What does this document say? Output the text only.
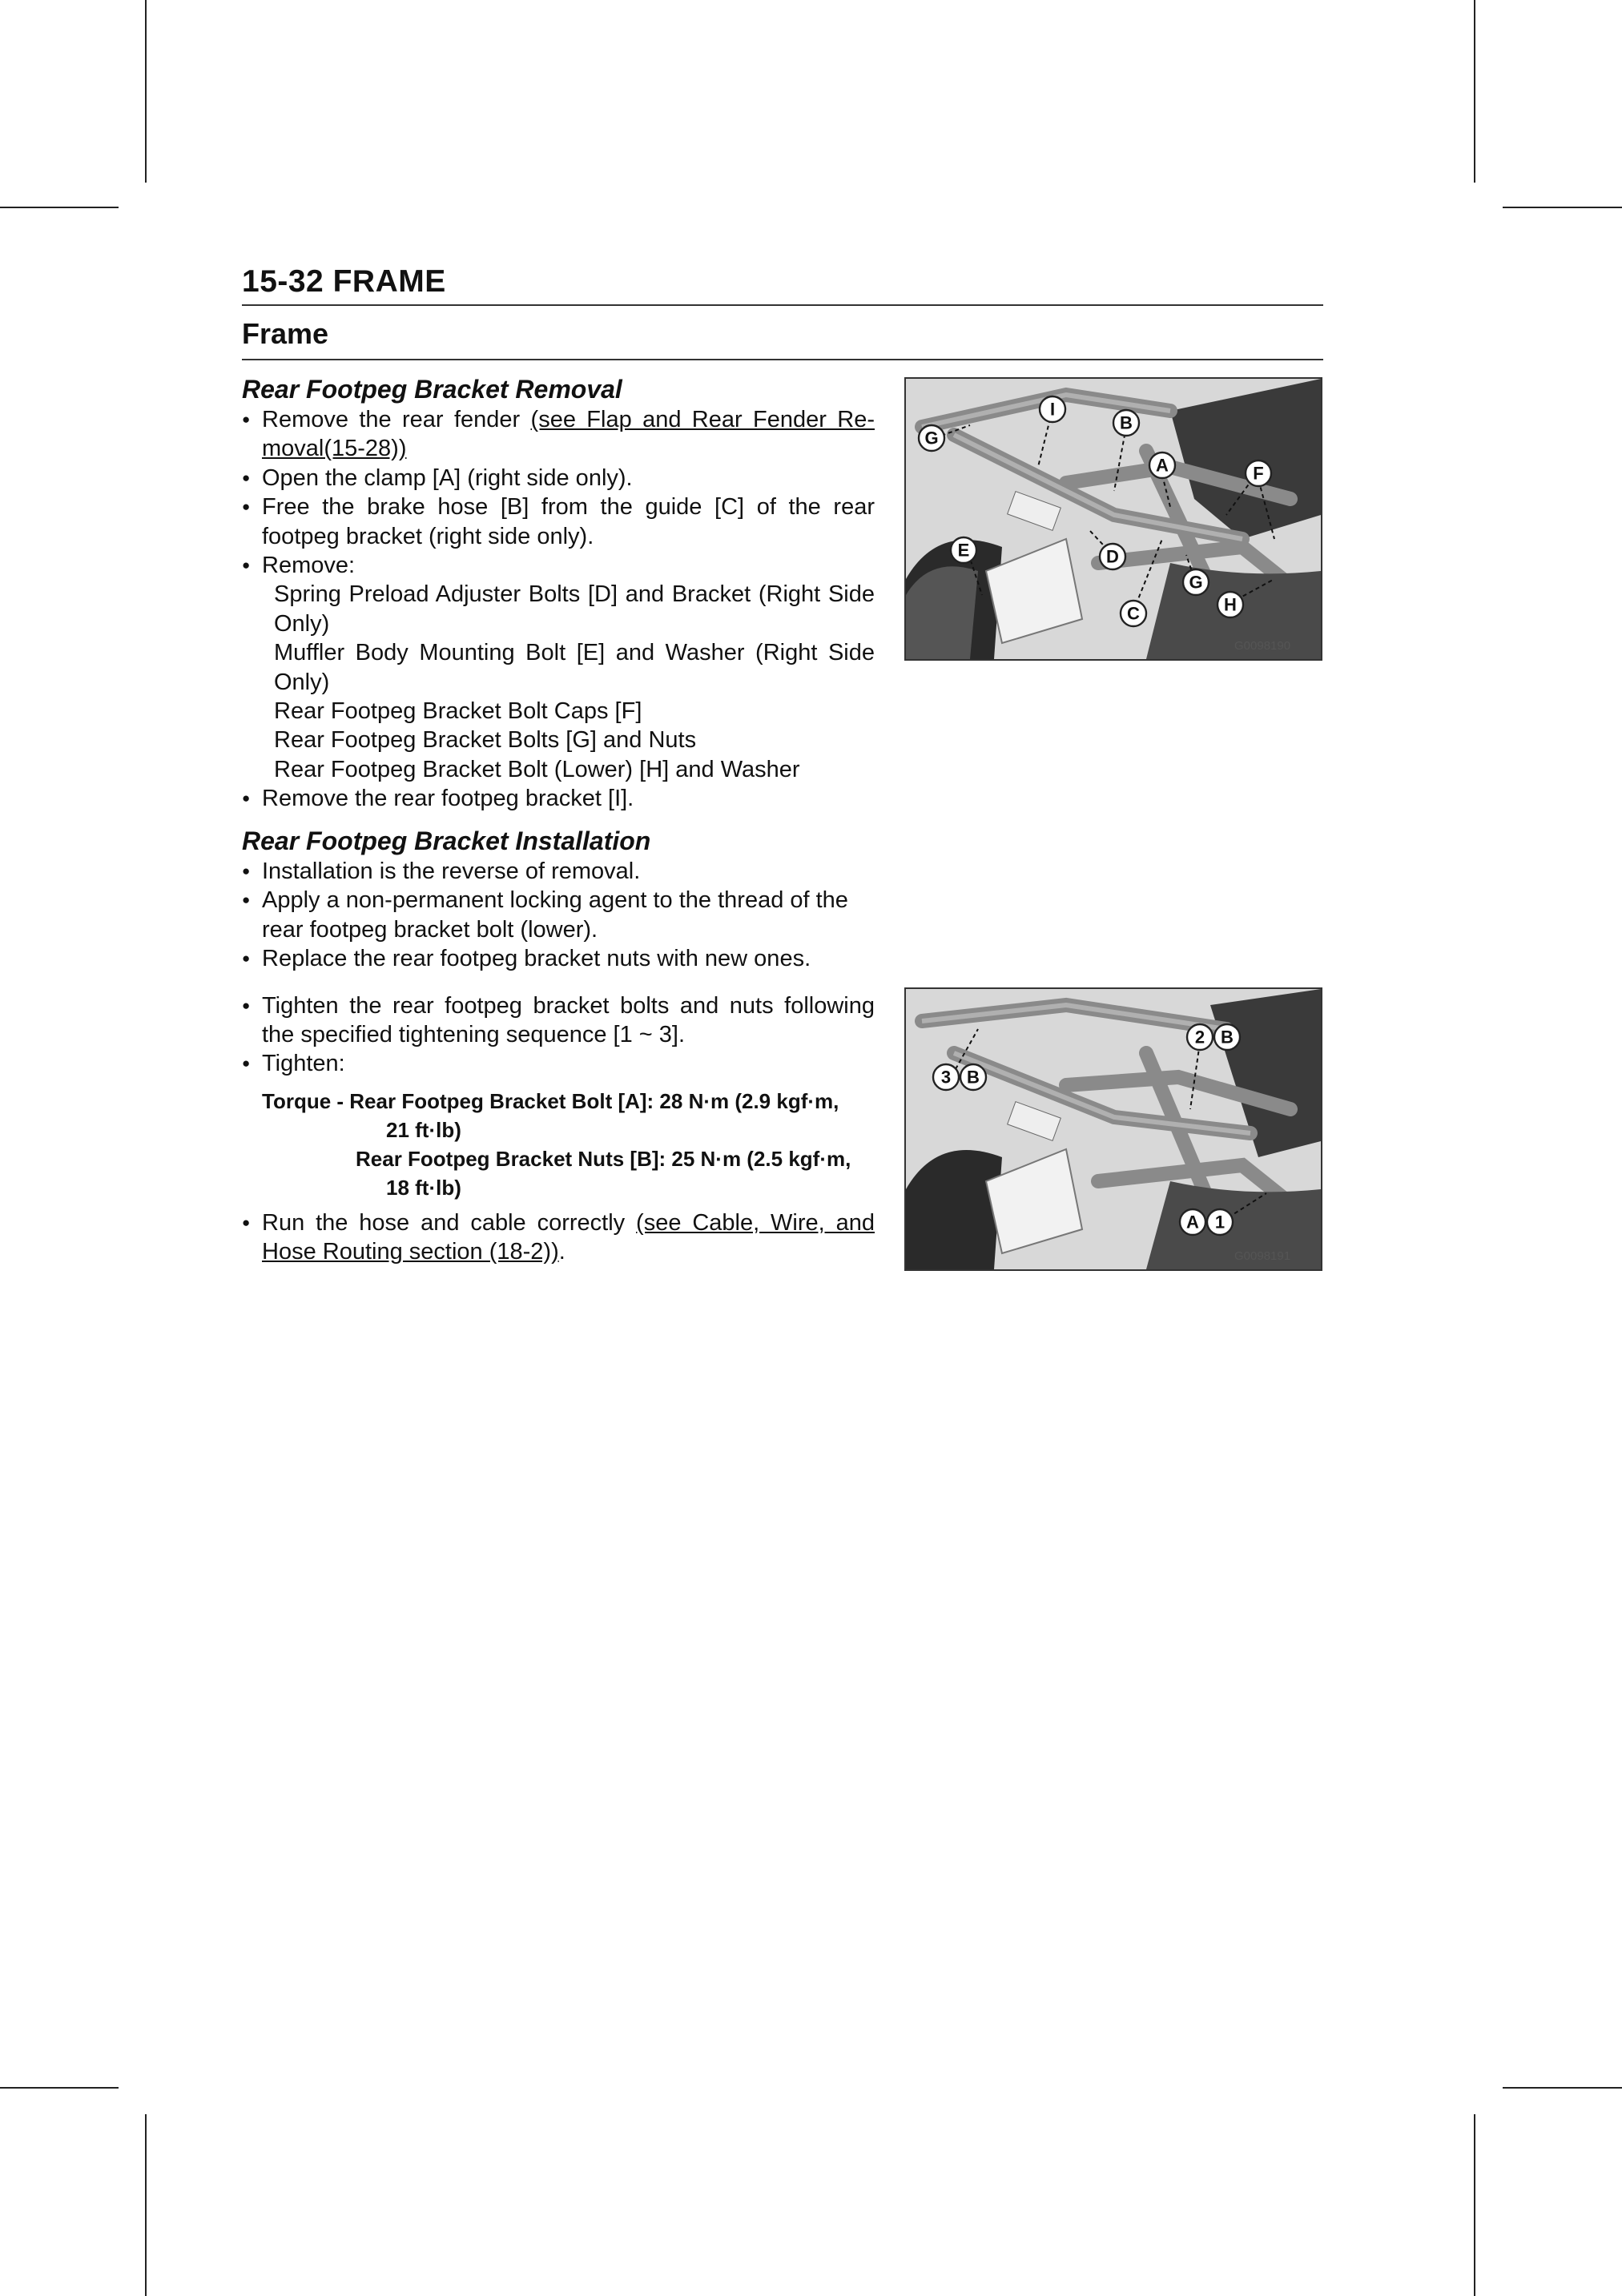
15-32 FRAME
Frame
Rear Footpeg Bracket Removal
● Remove the rear fender (see Flap and Rear Fender Re-moval(15-28))
● Open the clamp [A] (right side only).
● Free the brake hose [B] from the guide [C] of the rear footpeg bracket (right side only).
● Remove:
Spring Preload Adjuster Bolts [D] and Bracket (Right Side Only)
Muffler Body Mounting Bolt [E] and Washer (Right Side Only)
Rear Footpeg Bracket Bolt Caps [F]
Rear Footpeg Bracket Bolts [G] and Nuts
Rear Footpeg Bracket Bolt (Lower) [H] and Washer
● Remove the rear footpeg bracket [I].
Rear Footpeg Bracket Installation
● Installation is the reverse of removal.
● Apply a non-permanent locking agent to the thread of the rear footpeg bracket bolt (lower).
● Replace the rear footpeg bracket nuts with new ones.
● Tighten the rear footpeg bracket bolts and nuts following the specified tightening sequence [1 ~ 3].
● Tighten:
Torque - Rear Footpeg Bracket Bolt [A]: 28 N·m (2.9 kgf·m,
21 ft·lb)
Rear Footpeg Bracket Nuts [B]: 25 N·m (2.5 kgf·m,
18 ft·lb)
● Run the hose and cable correctly (see Cable, Wire, and Hose Routing section (18-2)).
G
I
B
A	F
E	D
G
C	H
G0098190
3 B
2 B
A 1
G0098191
